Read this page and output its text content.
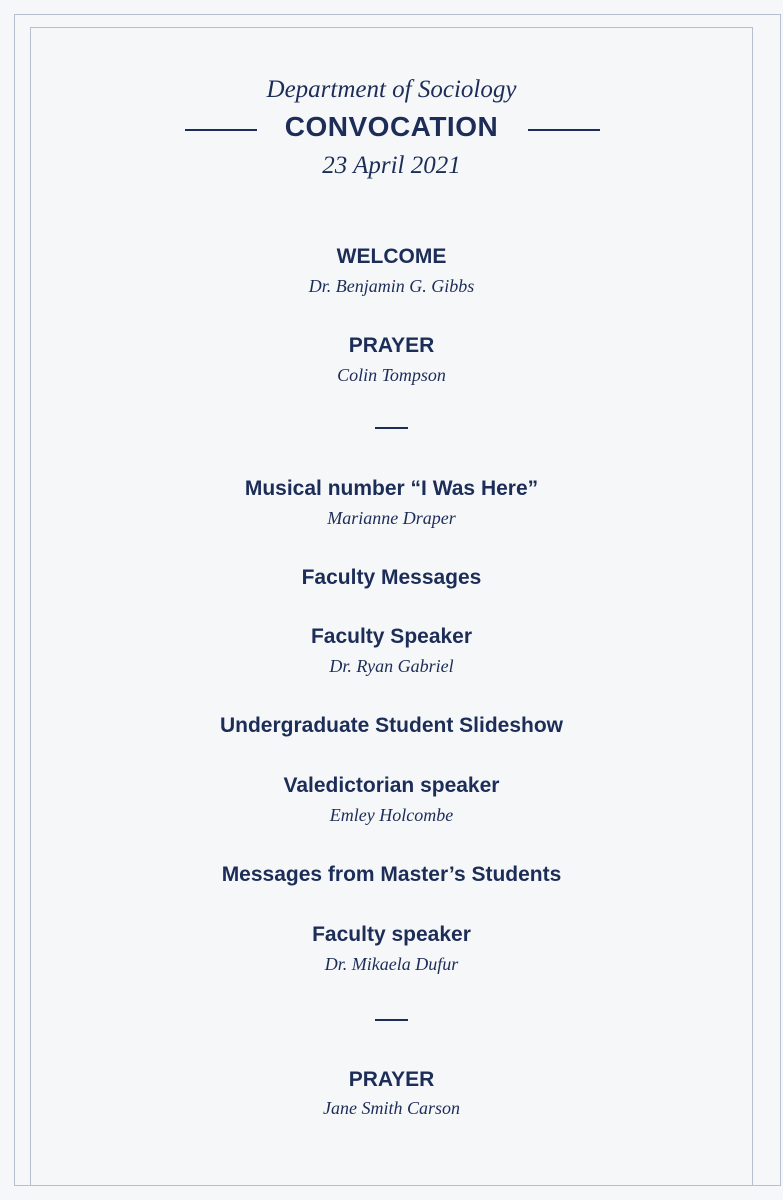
Department of Sociology

CONVOCATION

23 April 2021

WELCOME

Dr. Benjamin G. Gibbs

PRAYER

Colin Tompson

Musical number “I Was Here”

Marianne Draper

Faculty Messages

Faculty Speaker

Dr. Ryan Gabriel

Undergraduate Student Slideshow

Valedictorian speaker

Emley Holcombe

Messages from Master’s Students

Faculty speaker

Dr. Mikaela Dufur

PRAYER

Jane Smith Carson
